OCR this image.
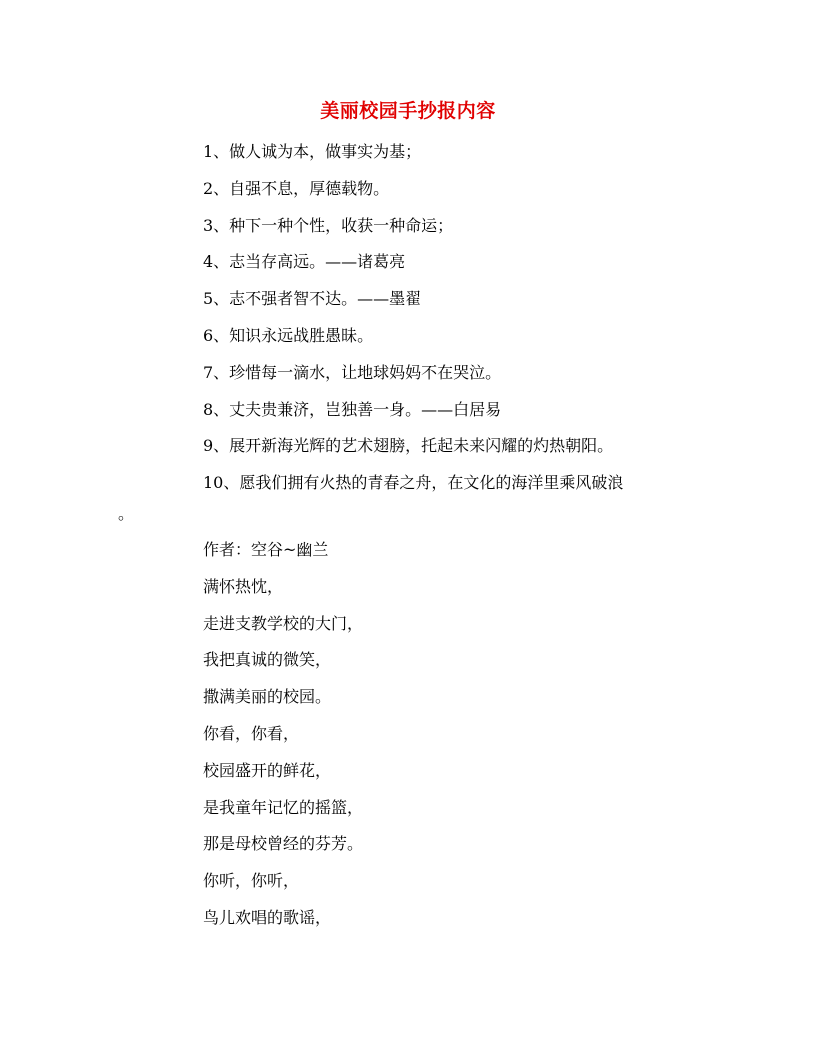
美丽校园手抄报内容
1、做人诚为本，做事实为基；
2、自强不息，厚德载物。
3、种下一种个性，收获一种命运；
4、志当存高远。——诸葛亮
5、志不强者智不达。——墨翟
6、知识永远战胜愚昧。
7、珍惜每一滴水，让地球妈妈不在哭泣。
8、丈夫贵兼济，岂独善一身。——白居易
9、展开新海光辉的艺术翅膀，托起未来闪耀的灼热朝阳。
10、愿我们拥有火热的青春之舟，在文化的海洋里乘风破浪
。
作者：空谷~幽兰
满怀热忱，
走进支教学校的大门，
我把真诚的微笑，
撒满美丽的校园。
你看，你看，
校园盛开的鲜花，
是我童年记忆的摇篮，
那是母校曾经的芬芳。
你听，你听，
鸟儿欢唱的歌谣，
